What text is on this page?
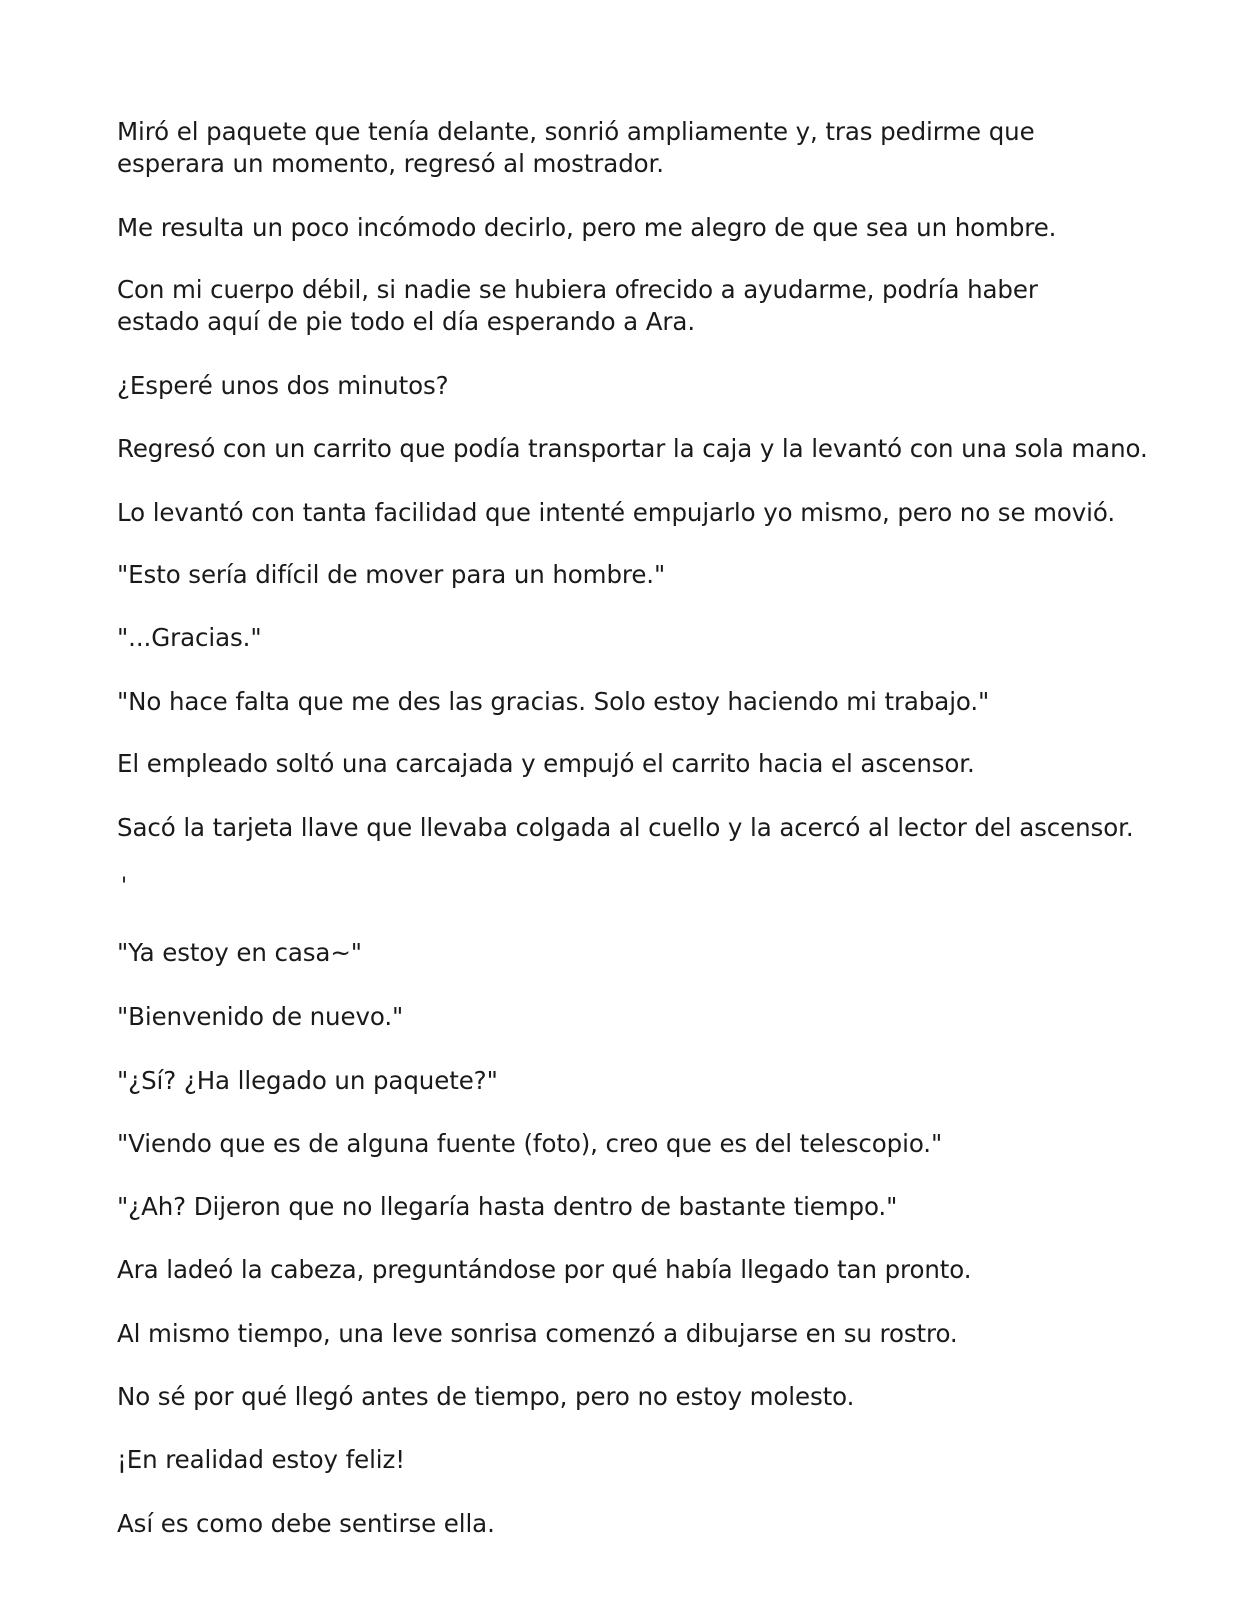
Miró el paquete que tenía delante, sonrió ampliamente y, tras pedirme que esperara un momento, regresó al mostrador.

Me resulta un poco incómodo decirlo, pero me alegro de que sea un hombre.

Con mi cuerpo débil, si nadie se hubiera ofrecido a ayudarme, podría haber estado aquí de pie todo el día esperando a Ara.

¿Esperé unos dos minutos?

Regresó con un carrito que podía transportar la caja y la levantó con una sola mano.

Lo levantó con tanta facilidad que intenté empujarlo yo mismo, pero no se movió.

"Esto sería difícil de mover para un hombre."

"...Gracias."

"No hace falta que me des las gracias. Solo estoy haciendo mi trabajo."

El empleado soltó una carcajada y empujó el carrito hacia el ascensor.

Sacó la tarjeta llave que llevaba colgada al cuello y la acercó al lector del ascensor.

'

"Ya estoy en casa~"

"Bienvenido de nuevo."

"¿Sí? ¿Ha llegado un paquete?"

"Viendo que es de alguna fuente (foto), creo que es del telescopio."

"¿Ah? Dijeron que no llegaría hasta dentro de bastante tiempo."

Ara ladeó la cabeza, preguntándose por qué había llegado tan pronto.

Al mismo tiempo, una leve sonrisa comenzó a dibujarse en su rostro.

No sé por qué llegó antes de tiempo, pero no estoy molesto.

¡En realidad estoy feliz!

Así es como debe sentirse ella.
